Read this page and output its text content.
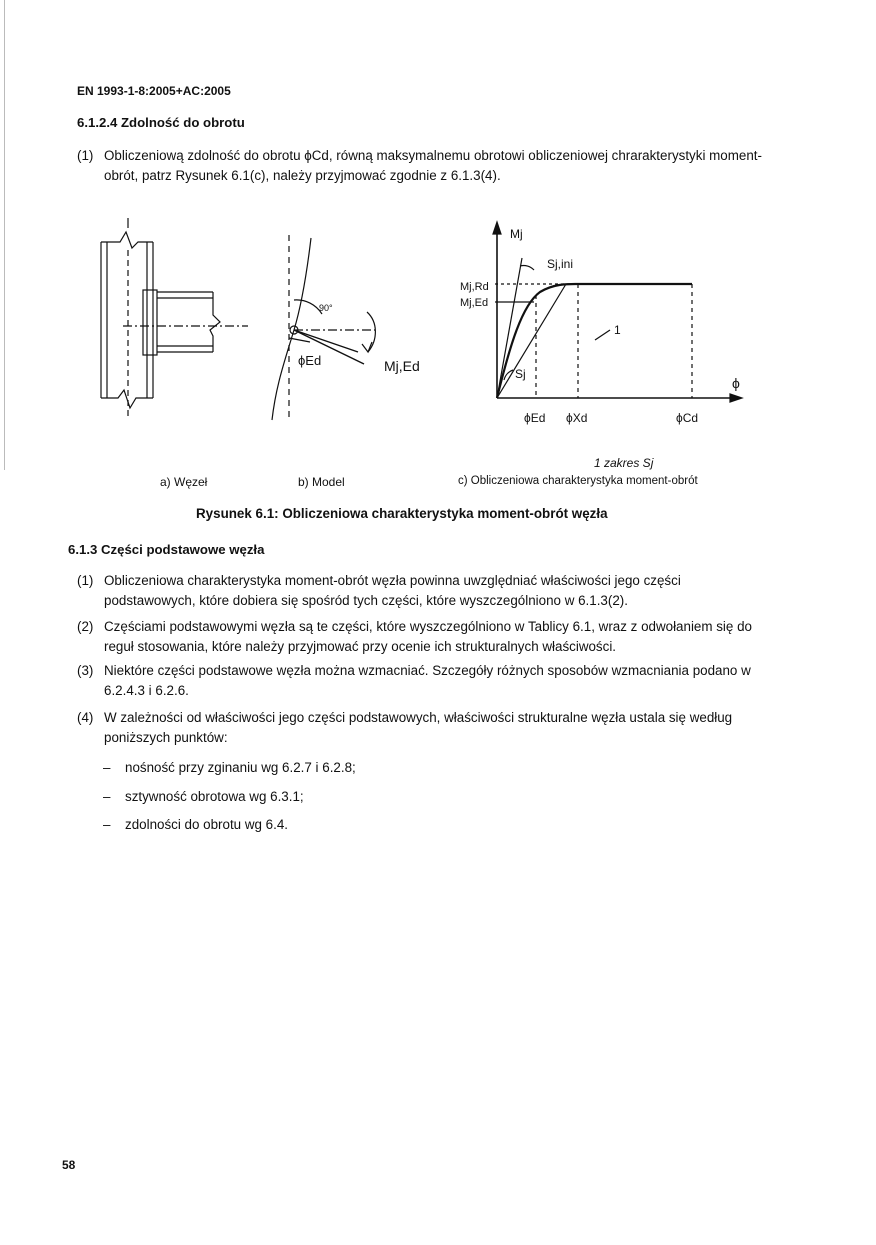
EN 1993-1-8:2005+AC:2005
6.1.2.4 Zdolność do obrotu
(1) Obliczeniową zdolność do obrotu ϕCd, równą maksymalnemu obrotowi obliczeniowej chrarakterystyki moment-obrót, patrz Rysunek 6.1(c), należy przyjmować zgodnie z 6.1.3(4).
90°
ϕEd	Mj,Ed
Mj
Sj,ini
Mj,Rd
Mj,Ed
Sj
1
ϕ
ϕEd ϕXd	ϕCd
1 zakres Sj
a) Węzeł	b) Model	c) Obliczeniowa charakterystyka moment-obrót
Rysunek 6.1: Obliczeniowa charakterystyka moment-obrót węzła
6.1.3 Części podstawowe węzła
(1) Obliczeniowa charakterystyka moment-obrót węzła powinna uwzględniać właściwości jego części podstawowych, które dobiera się spośród tych części, które wyszczególniono w 6.1.3(2).
(2) Częściami podstawowymi węzła są te części, które wyszczególniono w Tablicy 6.1, wraz z odwołaniem się do reguł stosowania, które należy przyjmować przy ocenie ich strukturalnych właściwości.
(3) Niektóre części podstawowe węzła można wzmacniać. Szczegóły różnych sposobów wzmacniania podano w 6.2.4.3 i 6.2.6.
(4) W zależności od właściwości jego części podstawowych, właściwości strukturalne węzła ustala się według poniższych punktów:
– nośność przy zginaniu wg 6.2.7 i 6.2.8;
– sztywność obrotowa wg 6.3.1;
– zdolności do obrotu wg 6.4.
58
